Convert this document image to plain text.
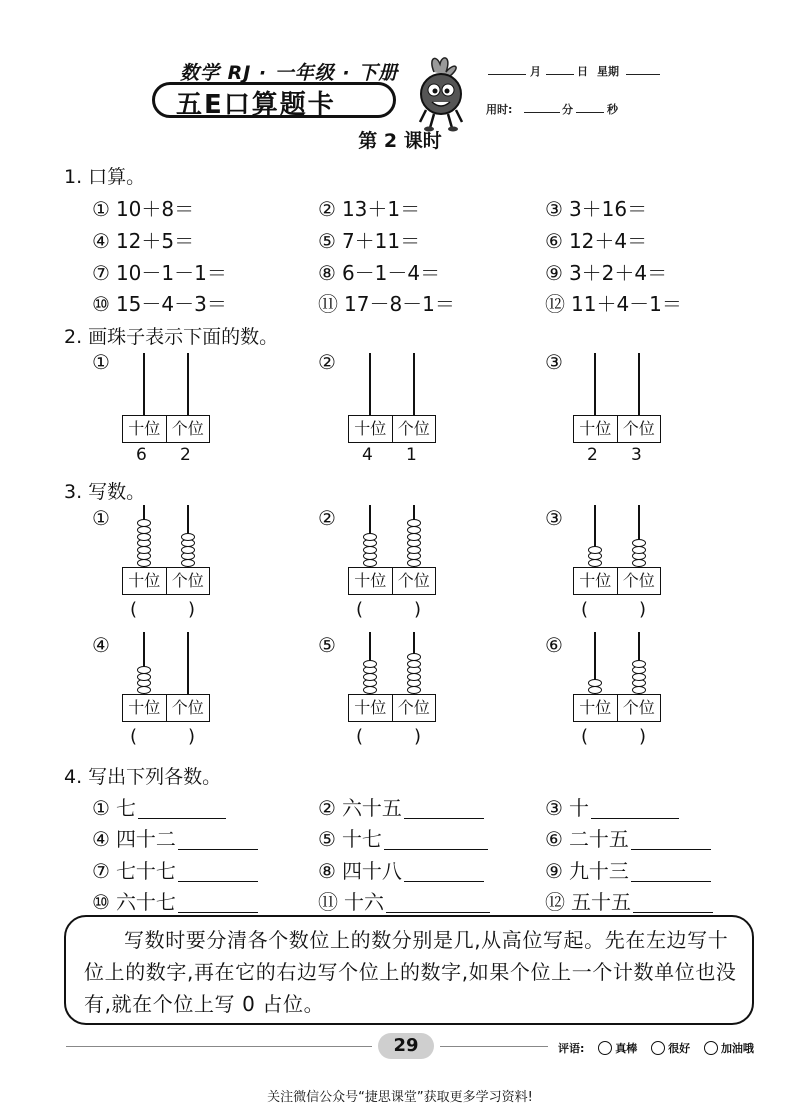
数学 RJ · 一年级 · 下册
五E口算题卡
月	日 星期
用时:	分	秒
第 2 课时
1. 口算。
① 10＋8＝	② 13＋1＝	③ 3＋16＝
④ 12＋5＝	⑤ 7＋11＝	⑥ 12＋4＝
⑦ 10－1－1＝	⑧ 6－1－4＝	⑨ 3＋2＋4＝
⑩ 15－4－3＝	⑪ 17－8－1＝	⑫ 11＋4－1＝
2. 画珠子表示下面的数。
①
十位 个位
6 2
②
十位 个位
4 1
③
十位 个位
2 3
3. 写数。
①
十位 个位
(	)
②
十位 个位
(	)
③
十位 个位
(	)
④
十位 个位
(	)
⑤
十位 个位
(	)
⑥
十位 个位
(	)
4. 写出下列各数。
① 七	② 六十五	③ 十
④ 四十二	⑤ 十七	⑥ 二十五
⑦ 七十七	⑧ 四十八	⑨ 九十三
⑩ 六十七	⑪ 十六	⑫ 五十五
写数时要分清各个数位上的数分别是几,从高位写起。先在左边写十位上的数字,再在它的右边写个位上的数字,如果个位上一个计数单位也没有,就在个位上写 0 占位。
29	评语:	真棒	很好	加油哦
关注微信公众号“捷思课堂”获取更多学习资料!
